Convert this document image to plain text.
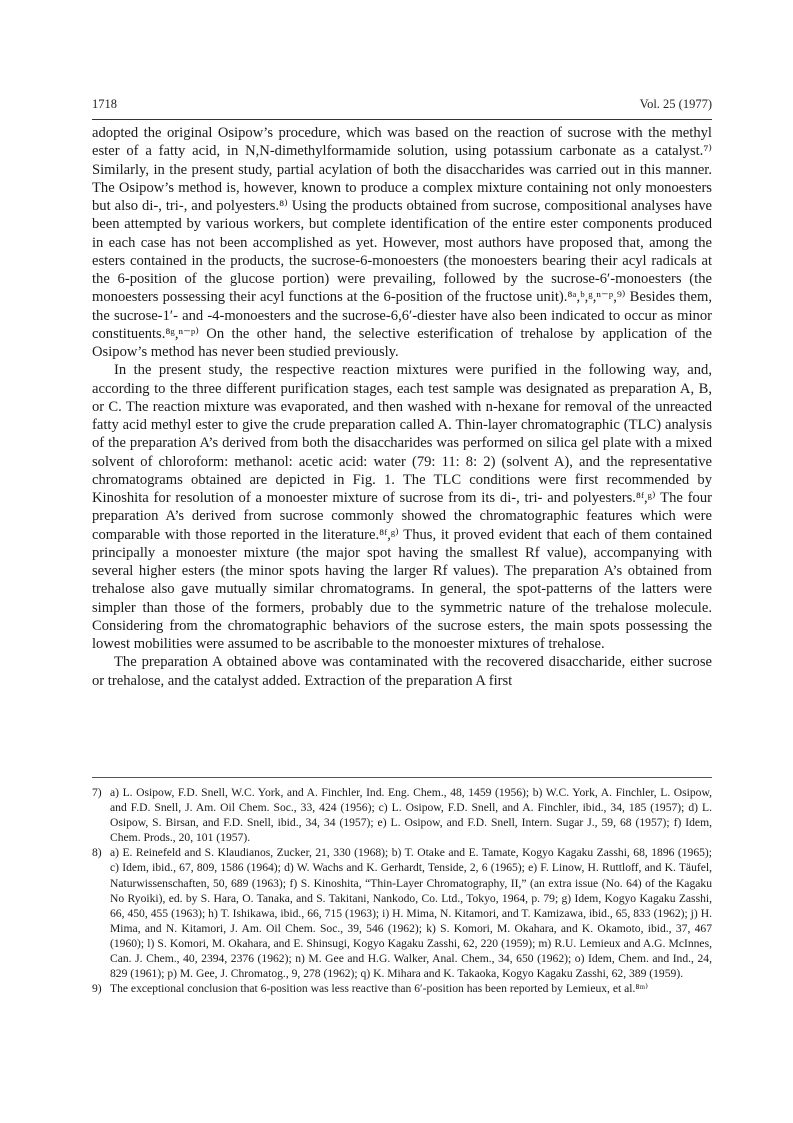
1718	Vol. 25 (1977)

adopted the original Osipow’s procedure, which was based on the reaction of sucrose with the methyl ester of a fatty acid, in N,N-dimethylformamide solution, using potassium carbonate as a catalyst.⁷⁾ Similarly, in the present study, partial acylation of both the disaccharides was carried out in this manner. The Osipow’s method is, however, known to produce a complex mixture containing not only monoesters but also di-, tri-, and polyesters.⁸⁾ Using the products obtained from sucrose, compositional analyses have been attempted by various workers, but complete identification of the entire ester components produced in each case has not been accomplished as yet. However, most authors have proposed that, among the esters contained in the products, the sucrose-6-monoesters (the monoesters bearing their acyl radicals at the 6-position of the glucose portion) were prevailing, followed by the sucrose-6′-monoesters (the monoesters possessing their acyl functions at the 6-position of the fructose unit).⁸ᵃ,ᵇ,ᵍ,ⁿ⁻ᵖ,⁹⁾ Besides them, the sucrose-1′- and -4-monoesters and the sucrose-6,6′-diester have also been indicated to occur as minor constituents.⁸ᵍ,ⁿ⁻ᵖ⁾ On the other hand, the selective esterification of trehalose by application of the Osipow’s method has never been studied previously.

In the present study, the respective reaction mixtures were purified in the following way, and, according to the three different purification stages, each test sample was designated as preparation A, B, or C. The reaction mixture was evaporated, and then washed with n-hexane for removal of the unreacted fatty acid methyl ester to give the crude preparation called A. Thin-layer chromatographic (TLC) analysis of the preparation A’s derived from both the disaccharides was performed on silica gel plate with a mixed solvent of chloroform: methanol: acetic acid: water (79: 11: 8: 2) (solvent A), and the representative chromatograms obtained are depicted in Fig. 1. The TLC conditions were first recommended by Kinoshita for resolution of a monoester mixture of sucrose from its di-, tri- and polyesters.⁸ᶠ,ᵍ⁾ The four preparation A’s derived from sucrose commonly showed the chromatographic features which were comparable with those reported in the literature.⁸ᶠ,ᵍ⁾ Thus, it proved evident that each of them contained principally a monoester mixture (the major spot having the smallest Rf value), accompanying with several higher esters (the minor spots having the larger Rf values). The preparation A’s obtained from trehalose also gave mutually similar chromatograms. In general, the spot-patterns of the latters were simpler than those of the formers, probably due to the symmetric nature of the trehalose molecule. Considering from the chromatographic behaviors of the sucrose esters, the main spots possessing the lowest mobilities were assumed to be ascribable to the monoester mixtures of trehalose.

The preparation A obtained above was contaminated with the recovered disaccharide, either sucrose or trehalose, and the catalyst added. Extraction of the preparation A first

7) a) L. Osipow, F.D. Snell, W.C. York, and A. Finchler, Ind. Eng. Chem., 48, 1459 (1956); b) W.C. York, A. Finchler, L. Osipow, and F.D. Snell, J. Am. Oil Chem. Soc., 33, 424 (1956); c) L. Osipow, F.D. Snell, and A. Finchler, ibid., 34, 185 (1957); d) L. Osipow, S. Birsan, and F.D. Snell, ibid., 34, 34 (1957); e) L. Osipow, and F.D. Snell, Intern. Sugar J., 59, 68 (1957); f) Idem, Chem. Prods., 20, 101 (1957).
8) a) E. Reinefeld and S. Klaudianos, Zucker, 21, 330 (1968); b) T. Otake and E. Tamate, Kogyo Kagaku Zasshi, 68, 1896 (1965); c) Idem, ibid., 67, 809, 1586 (1964); d) W. Wachs and K. Gerhardt, Tenside, 2, 6 (1965); e) F. Linow, H. Ruttloff, and K. Täufel, Naturwissenschaften, 50, 689 (1963); f) S. Kinoshita, “Thin-Layer Chromatography, II,” (an extra issue (No. 64) of the Kagaku No Ryoiki), ed. by S. Hara, O. Tanaka, and S. Takitani, Nankodo, Co. Ltd., Tokyo, 1964, p. 79; g) Idem, Kogyo Kagaku Zasshi, 66, 450, 455 (1963); h) T. Ishikawa, ibid., 66, 715 (1963); i) H. Mima, N. Kitamori, and T. Kamizawa, ibid., 65, 833 (1962); j) H. Mima, and N. Kitamori, J. Am. Oil Chem. Soc., 39, 546 (1962); k) S. Komori, M. Okahara, and K. Okamoto, ibid., 37, 467 (1960); l) S. Komori, M. Okahara, and E. Shinsugi, Kogyo Kagaku Zasshi, 62, 220 (1959); m) R.U. Lemieux and A.G. McInnes, Can. J. Chem., 40, 2394, 2376 (1962); n) M. Gee and H.G. Walker, Anal. Chem., 34, 650 (1962); o) Idem, Chem. and Ind., 24, 829 (1961); p) M. Gee, J. Chromatog., 9, 278 (1962); q) K. Mihara and K. Takaoka, Kogyo Kagaku Zasshi, 62, 389 (1959).
9) The exceptional conclusion that 6-position was less reactive than 6′-position has been reported by Lemieux, et al.⁸ᵐ⁾
